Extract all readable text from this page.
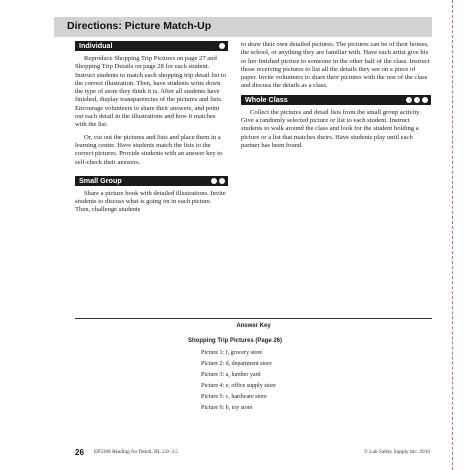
Directions: Picture Match-Up
Individual

Reproduce Shopping Trip Pictures on page 27 and Shopping Trip Details on page 28 for each student. Instruct students to match each shopping trip detail list to the correct illustration. Then, have students write down the type of store they think it is. After all students have finished, display transparencies of the pictures and lists. Encourage volunteers to share their answers, and point out each detail in the illustrations and how it matches with the list.

Or, cut out the pictures and lists and place them in a learning center. Have students match the lists to the correct pictures. Provide students with an answer key to self-check their answers.

Small Group

Share a picture book with detailed illustrations. Invite students to discuss what is going on in each picture. Then, challenge students

to draw their own detailed pictures. The pictures can be of their homes, the school, or anything they are familiar with. Have each artist give his or her finished picture to someone in the other half of the class. Instruct those receiving pictures to list all the details they see on a piece of paper. Invite volunteers to share their pictures with the rest of the class and discuss the details as a class.

Whole Class

Collect the pictures and detail lists from the small group activity. Give a randomly selected picture or list to each student. Instruct students to walk around the class and look for the student holding a picture or a list that matches theirs. Have students play until each partner has been found.

Answer Key
Shopping Trip Pictures (Page 26)
Picture 1: f, grocery store
Picture 2: d, department store
Picture 3: a, lumber yard
Picture 4: e, office supply store
Picture 5: c, hardware store
Picture 6: b, toy store
26 EP3368 Reading for Detail, BL 2.0–3.5	© Lab Safety Supply Inc. 2010
